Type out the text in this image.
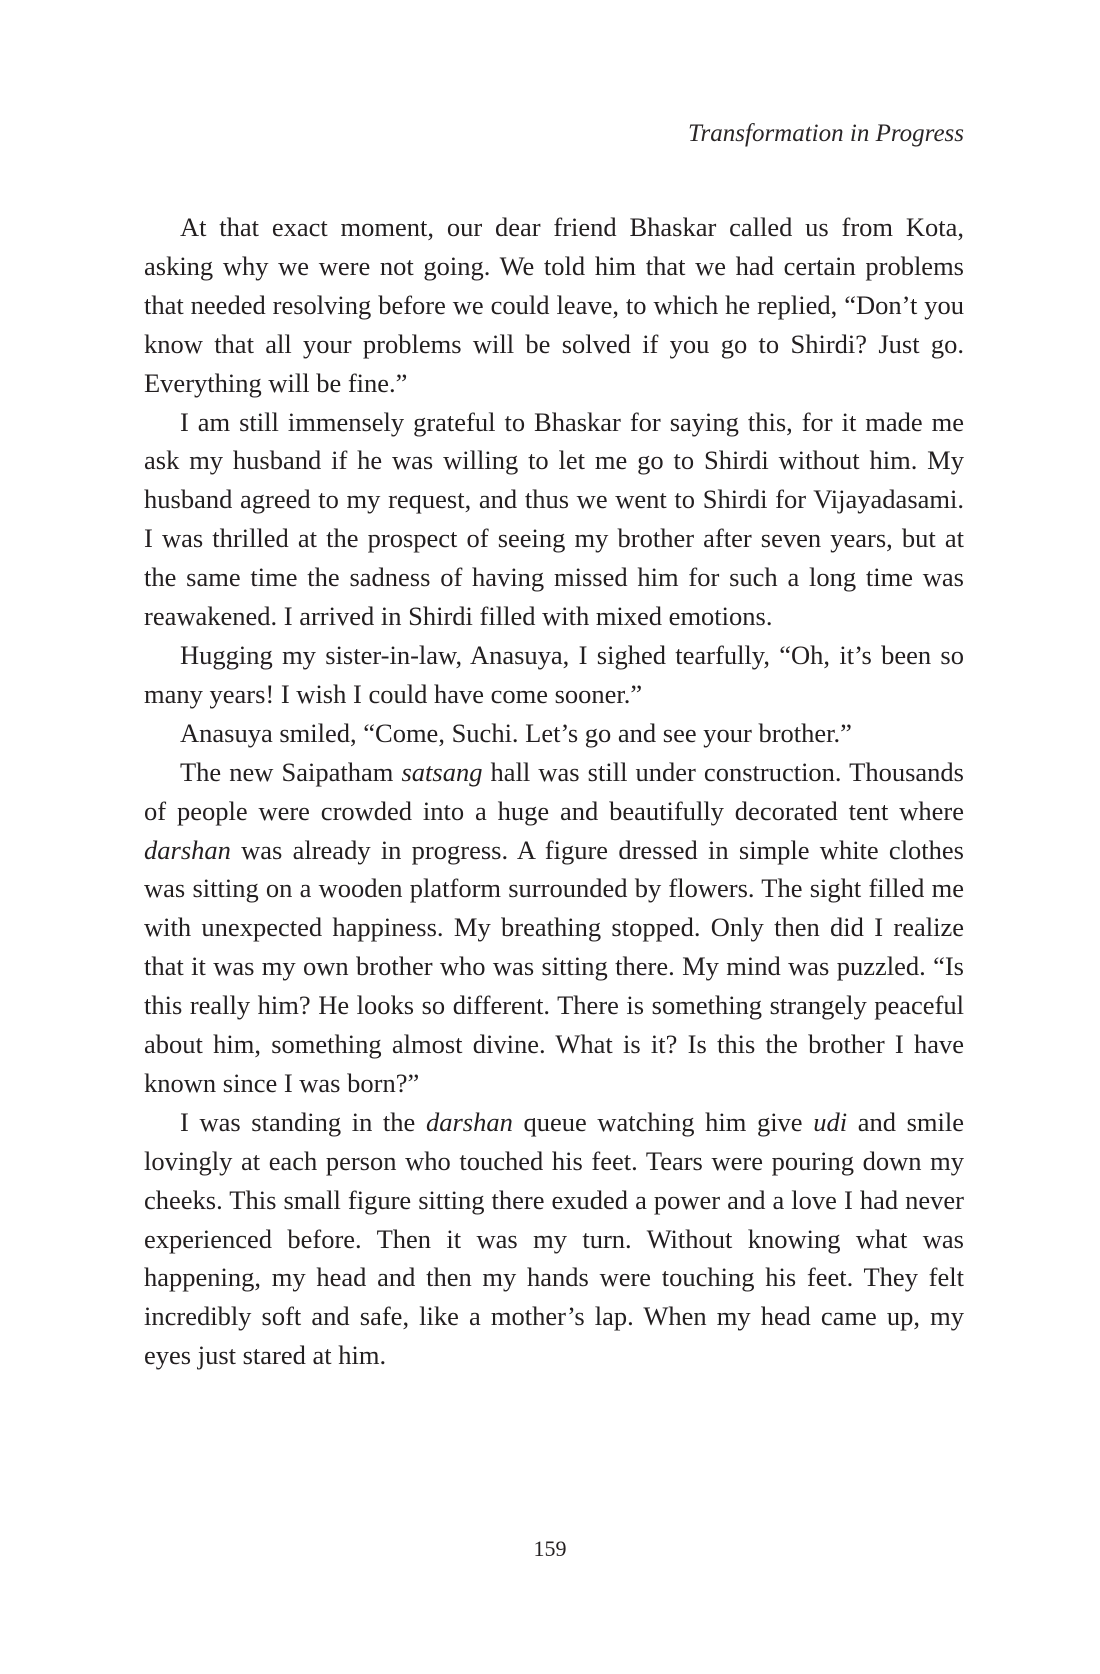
Transformation in Progress

At that exact moment, our dear friend Bhaskar called us from Kota, asking why we were not going. We told him that we had certain problems that needed resolving before we could leave, to which he replied, “Don’t you know that all your problems will be solved if you go to Shirdi? Just go. Everything will be fine.”

I am still immensely grateful to Bhaskar for saying this, for it made me ask my husband if he was willing to let me go to Shirdi without him. My husband agreed to my request, and thus we went to Shirdi for Vijayadasami. I was thrilled at the prospect of seeing my brother after seven years, but at the same time the sadness of having missed him for such a long time was reawakened. I arrived in Shirdi filled with mixed emotions.

Hugging my sister-in-law, Anasuya, I sighed tearfully, “Oh, it’s been so many years! I wish I could have come sooner.”

Anasuya smiled, “Come, Suchi. Let’s go and see your brother.”

The new Saipatham satsang hall was still under construction. Thousands of people were crowded into a huge and beautifully decorated tent where darshan was already in progress. A figure dressed in simple white clothes was sitting on a wooden platform surrounded by flowers. The sight filled me with unexpected happiness. My breathing stopped. Only then did I realize that it was my own brother who was sitting there. My mind was puzzled. “Is this really him? He looks so different. There is something strangely peaceful about him, something almost divine. What is it? Is this the brother I have known since I was born?”

I was standing in the darshan queue watching him give udi and smile lovingly at each person who touched his feet. Tears were pouring down my cheeks. This small figure sitting there exuded a power and a love I had never experienced before. Then it was my turn. Without knowing what was happening, my head and then my hands were touching his feet. They felt incredibly soft and safe, like a mother’s lap. When my head came up, my eyes just stared at him.

159
